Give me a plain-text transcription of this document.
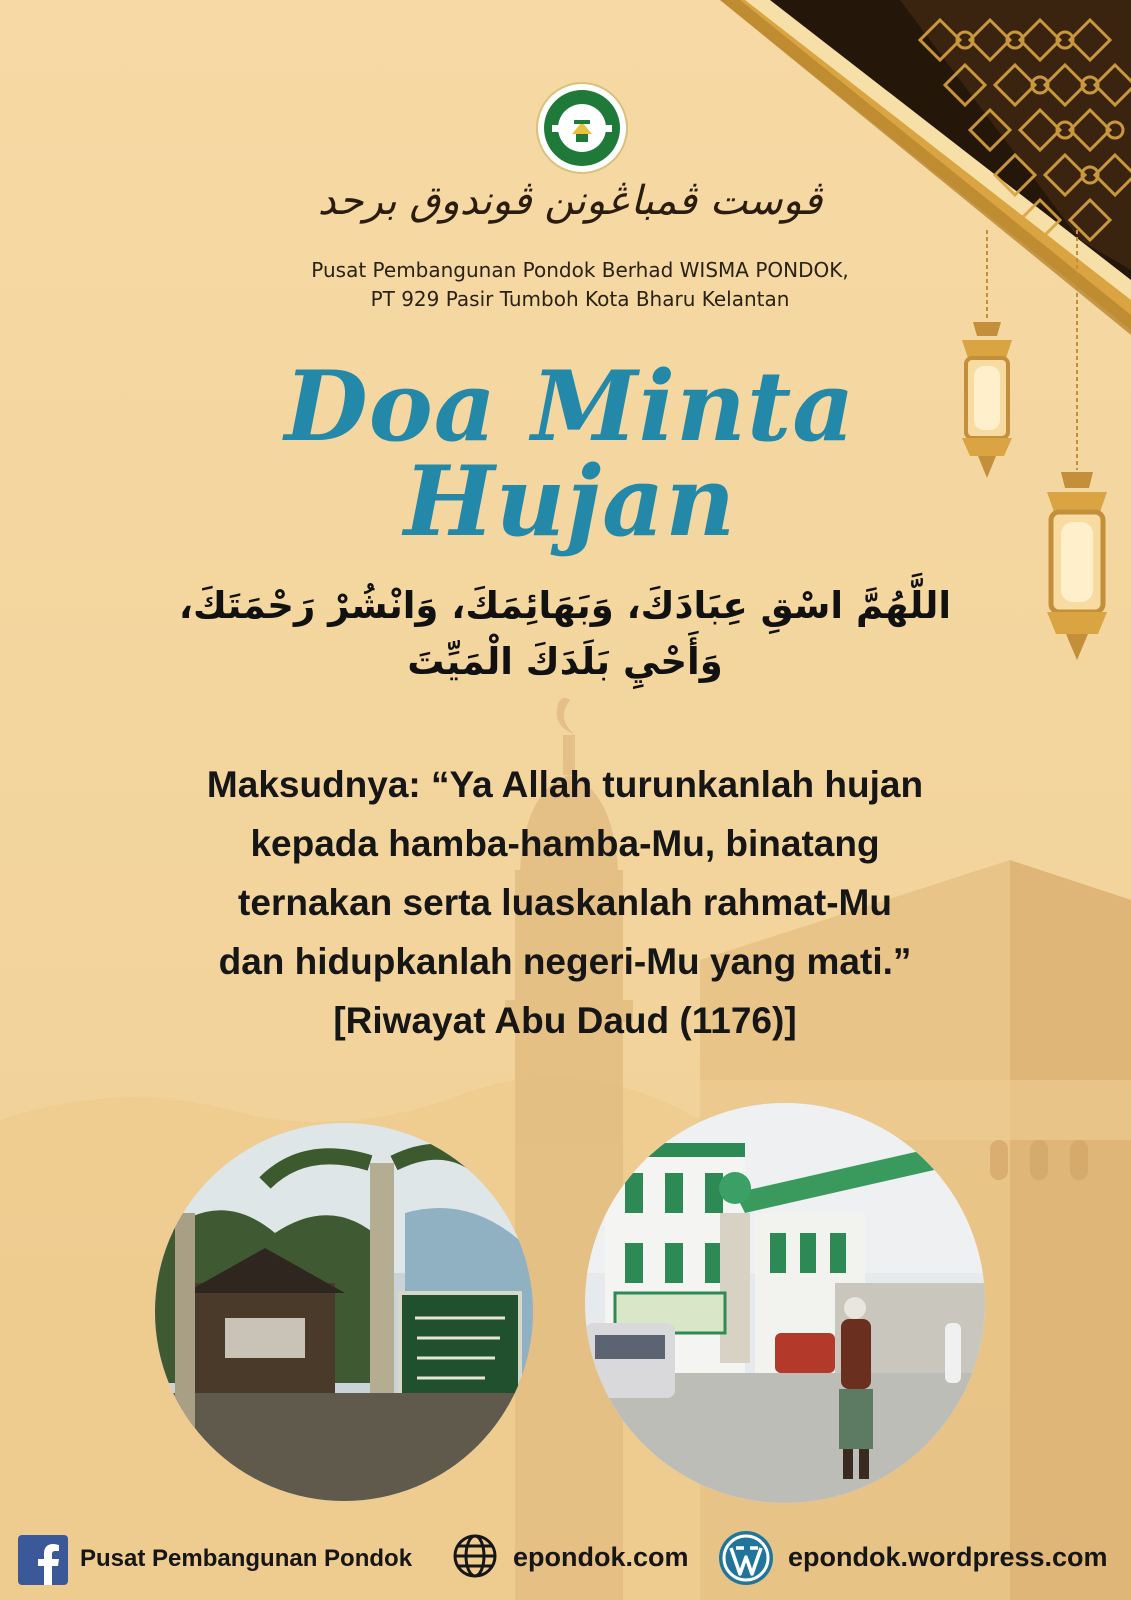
ڤوست ڤمباڠونن ڤوندوق برحد
Pusat Pembangunan Pondok Berhad WISMA PONDOK,
PT 929 Pasir Tumboh Kota Bharu Kelantan
Doa Minta
Hujan
اللَّهُمَّ اسْقِ عِبَادَكَ، وَبَهَائِمَكَ، وَانْشُرْ رَحْمَتَكَ،
وَأَحْيِ بَلَدَكَ الْمَيِّتَ
Maksudnya: “Ya Allah turunkanlah hujan
kepada hamba-hamba-Mu, binatang
ternakan serta luaskanlah rahmat-Mu
dan hidupkanlah negeri-Mu yang mati.”
[Riwayat Abu Daud (1176)]
Pusat Pembangunan Pondok	epondok.com	epondok.wordpress.com
